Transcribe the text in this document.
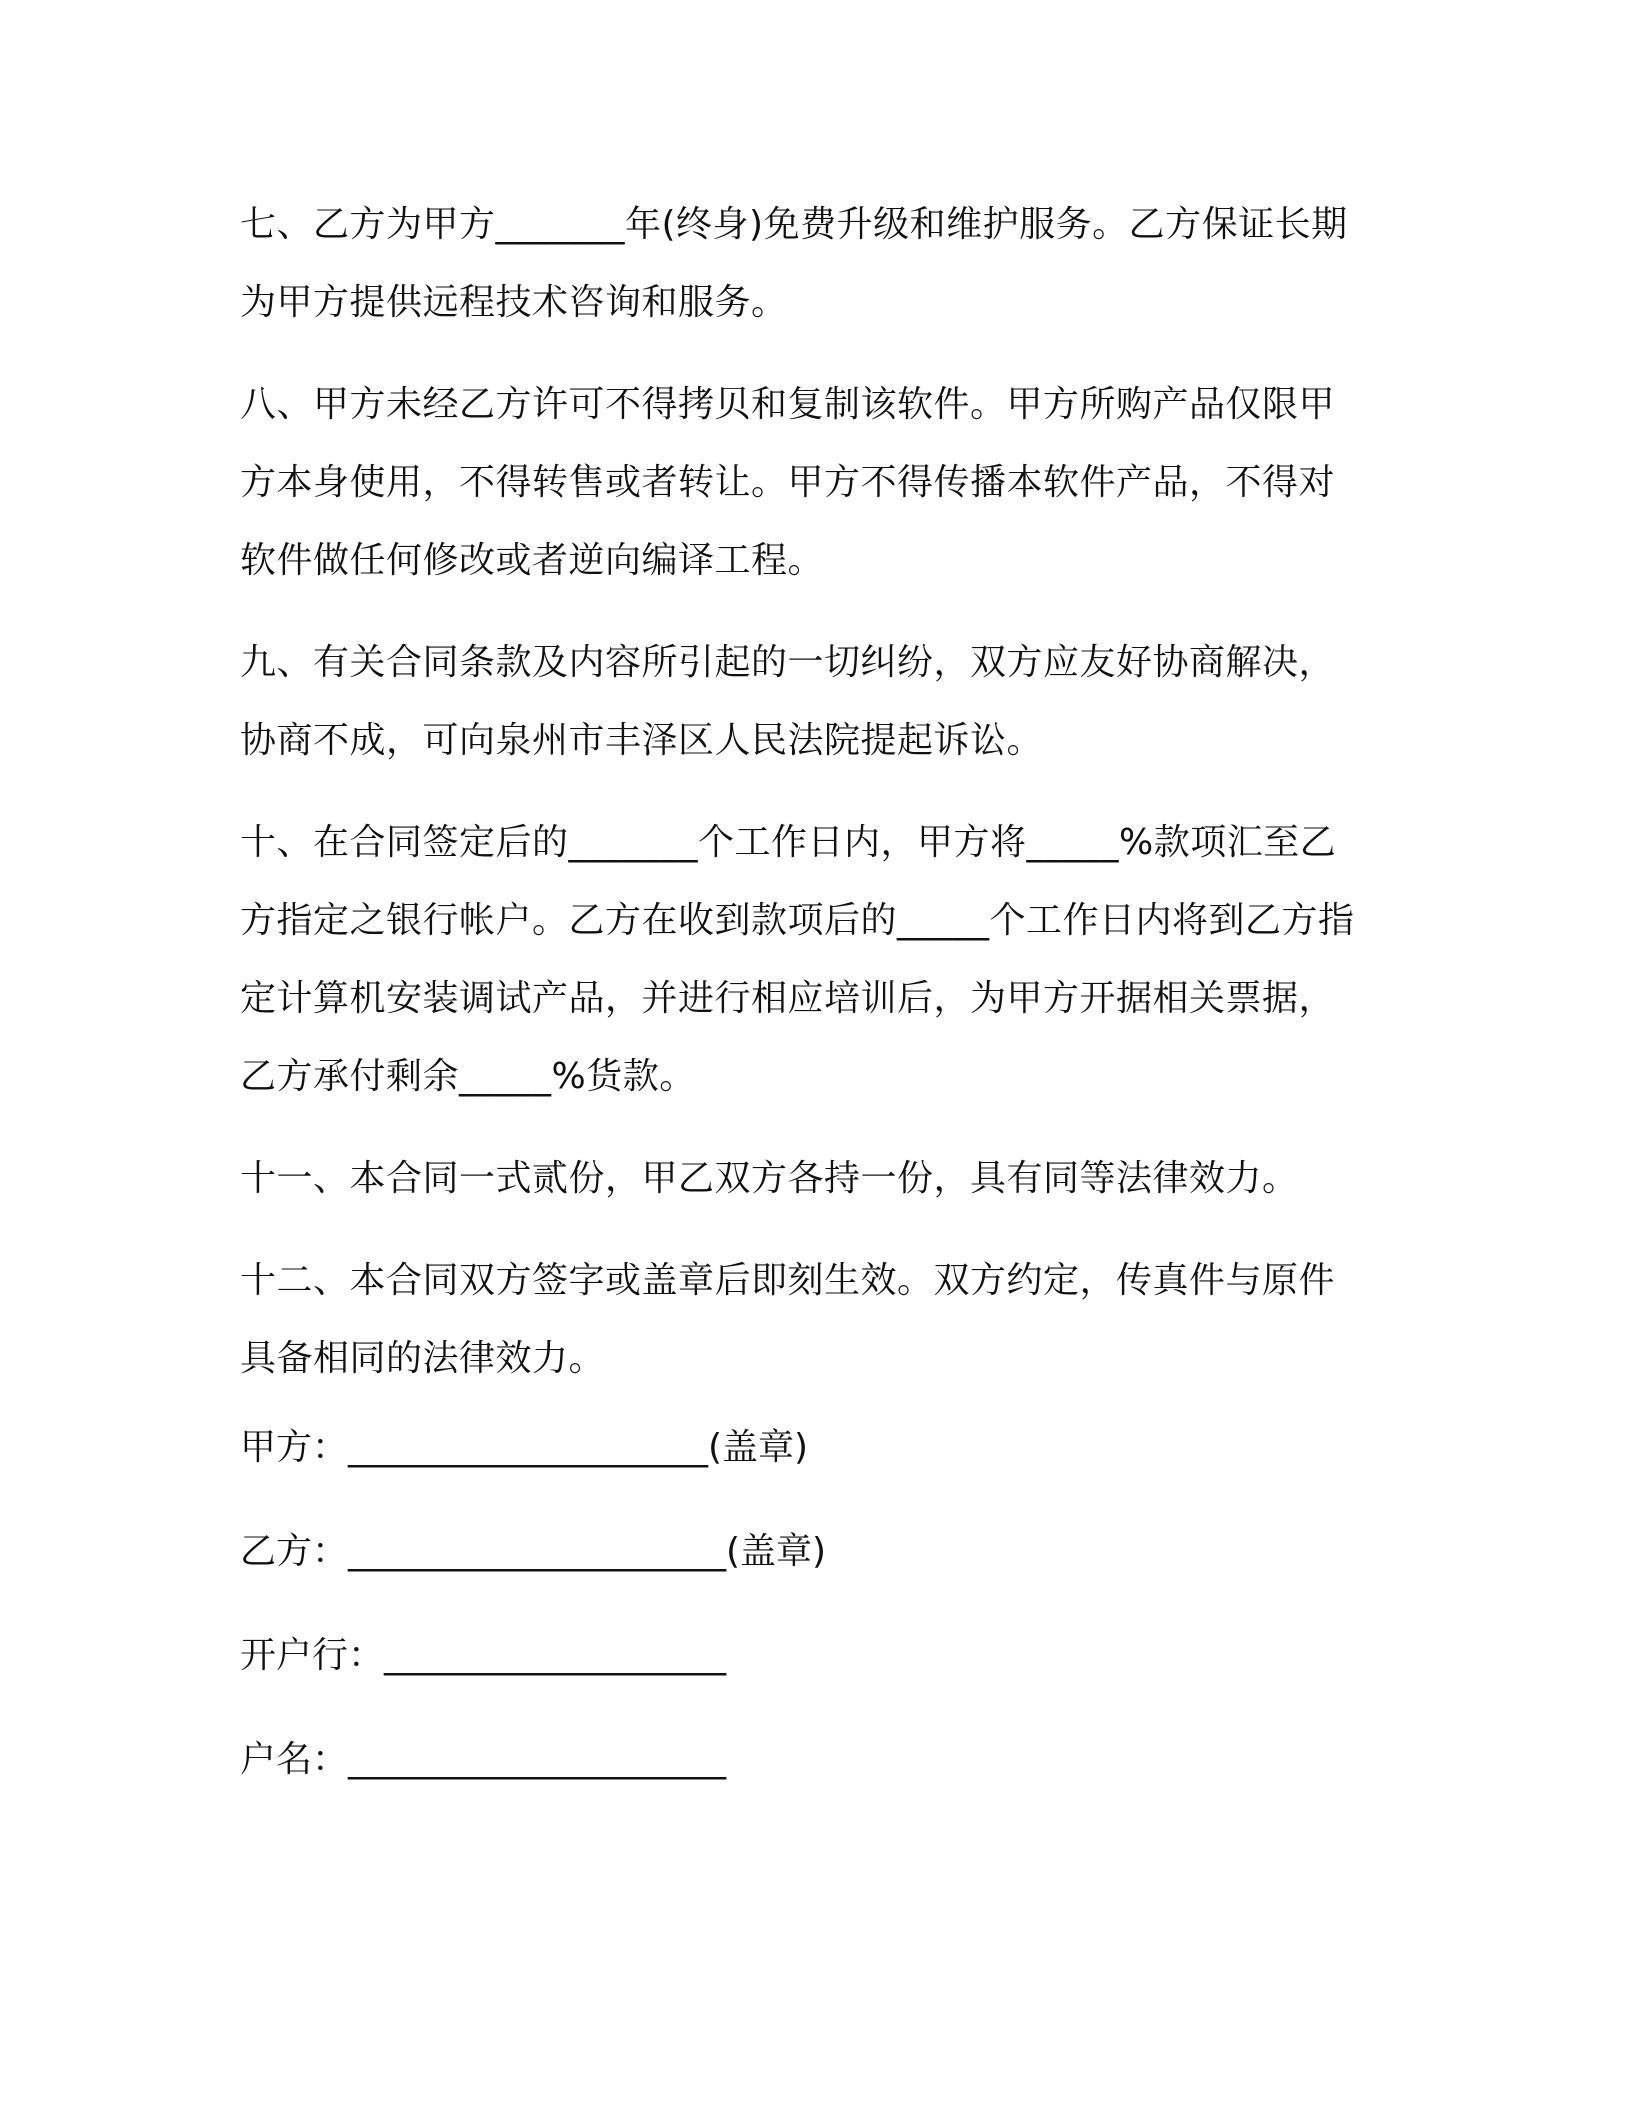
七、乙方为甲方_______年(终身)免费升级和维护服务。乙方保证长期
为甲方提供远程技术咨询和服务。
八、甲方未经乙方许可不得拷贝和复制该软件。甲方所购产品仅限甲
方本身使用，不得转售或者转让。甲方不得传播本软件产品，不得对
软件做任何修改或者逆向编译工程。
九、有关合同条款及内容所引起的一切纠纷，双方应友好协商解决，
协商不成，可向泉州市丰泽区人民法院提起诉讼。
十、在合同签定后的_______个工作日内，甲方将_____%款项汇至乙
方指定之银行帐户。乙方在收到款项后的_____个工作日内将到乙方指
定计算机安装调试产品，并进行相应培训后，为甲方开据相关票据，
乙方承付剩余_____%货款。
十一、本合同一式贰份，甲乙双方各持一份，具有同等法律效力。
十二、本合同双方签字或盖章后即刻生效。双方约定，传真件与原件
具备相同的法律效力。

甲方：____________________(盖章)

乙方：_____________________(盖章)

开户行：___________________

户名：_____________________
